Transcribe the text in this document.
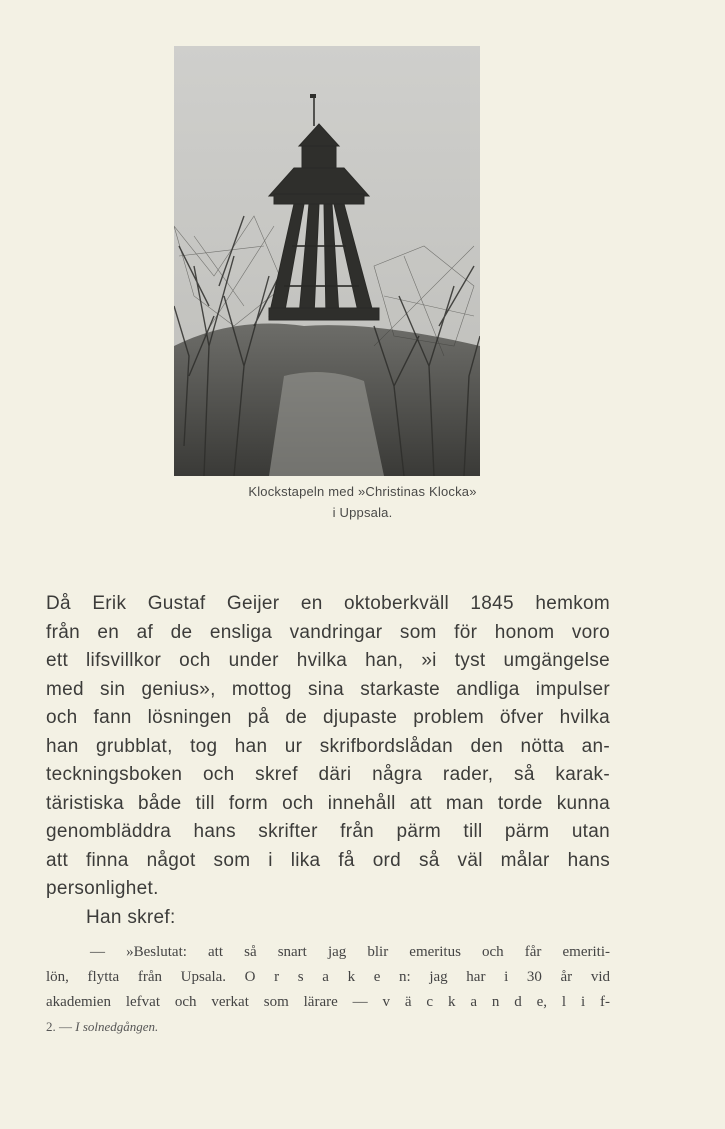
Klockstapeln med »Christinas Klocka»
i Uppsala.
Då Erik Gustaf Geijer en oktoberkväll 1845 hemkom
från en af de ensliga vandringar som för honom voro
ett lifsvillkor och under hvilka han, »i tyst umgängelse
med sin genius», mottog sina starkaste andliga impulser
och fann lösningen på de djupaste problem öfver hvilka
han grubblat, tog han ur skrifbordslådan den nötta an-
teckningsboken och skref däri några rader, så karak-
täristiska både till form och innehåll att man torde kunna
genombläddra hans skrifter från pärm till pärm utan
att finna något som i lika få ord så väl målar hans
personlighet.
Han skref:
— »Beslutat: att så snart jag blir emeritus och får emeriti-
lön, flytta från Upsala. O r s a k e n: jag har i 30 år vid
akademien lefvat och verkat som lärare — v ä c k a n d e, l i f-
2. — I solnedgången.
